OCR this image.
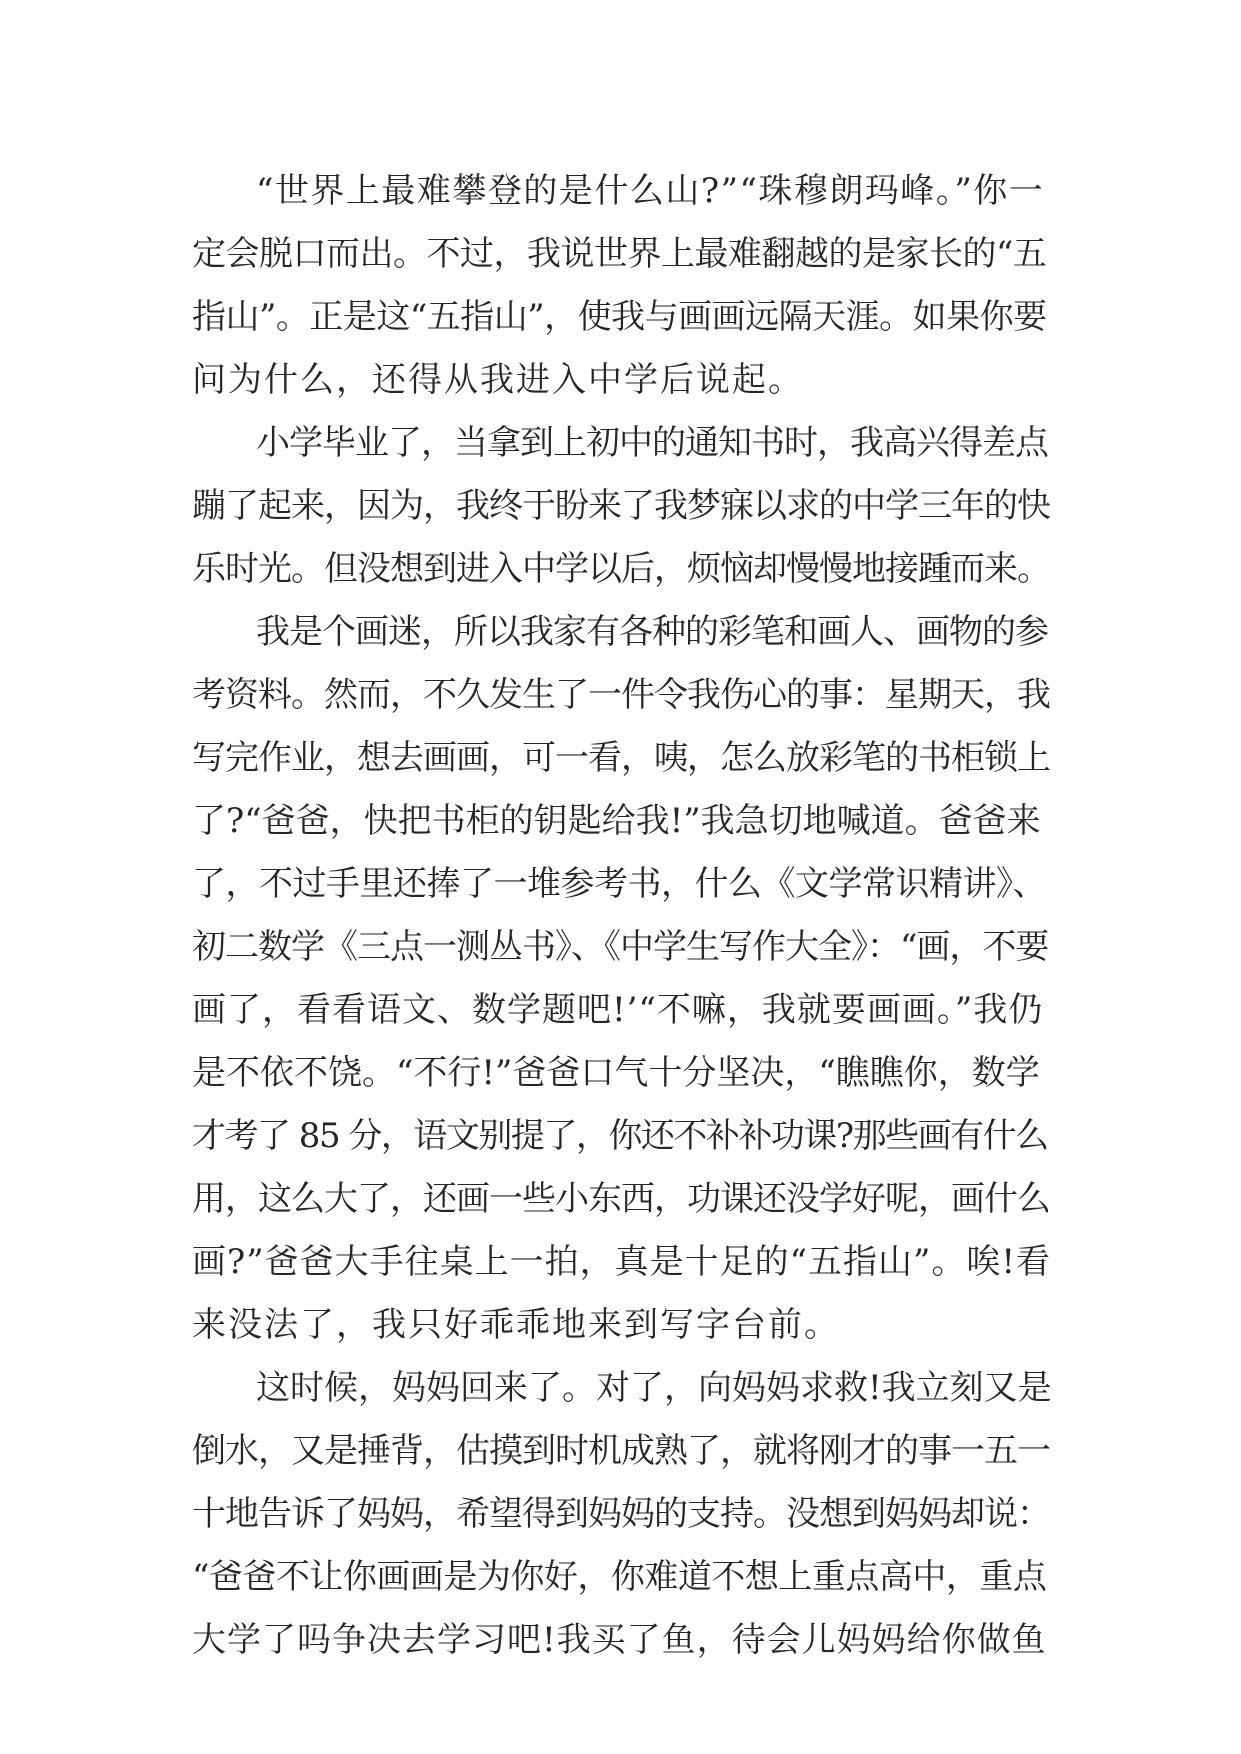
“世界上最难攀登的是什么山?”“珠穆朗玛峰。”你一
定会脱口而出。不过，我说世界上最难翻越的是家长的“五
指山”。正是这“五指山”，使我与画画远隔天涯。如果你要
问为什么，还得从我进入中学后说起。
小学毕业了，当拿到上初中的通知书时，我高兴得差点
蹦了起来，因为，我终于盼来了我梦寐以求的中学三年的快
乐时光。但没想到进入中学以后，烦恼却慢慢地接踵而来。
我是个画迷，所以我家有各种的彩笔和画人、画物的参
考资料。然而，不久发生了一件令我伤心的事：星期天，我
写完作业，想去画画，可一看，咦，怎么放彩笔的书柜锁上
了?“爸爸，快把书柜的钥匙给我!”我急切地喊道。爸爸来
了，不过手里还捧了一堆参考书，什么《文学常识精讲》、
初二数学《三点一测丛书》、《中学生写作大全》：“画，不要
画了，看看语文、数学题吧!’“不嘛，我就要画画。”我仍
是不依不饶。“不行!”爸爸口气十分坚决，“瞧瞧你，数学
才考了 85 分，语文别提了，你还不补补功课?那些画有什么
用，这么大了，还画一些小东西，功课还没学好呢，画什么
画?”爸爸大手往桌上一拍，真是十足的“五指山”。唉!看
来没法了，我只好乖乖地来到写字台前。
这时候，妈妈回来了。对了，向妈妈求救!我立刻又是
倒水，又是捶背，估摸到时机成熟了，就将刚才的事一五一
十地告诉了妈妈，希望得到妈妈的支持。没想到妈妈却说：
“爸爸不让你画画是为你好，你难道不想上重点高中，重点
大学了吗争决去学习吧!我买了鱼，待会儿妈妈给你做鱼
